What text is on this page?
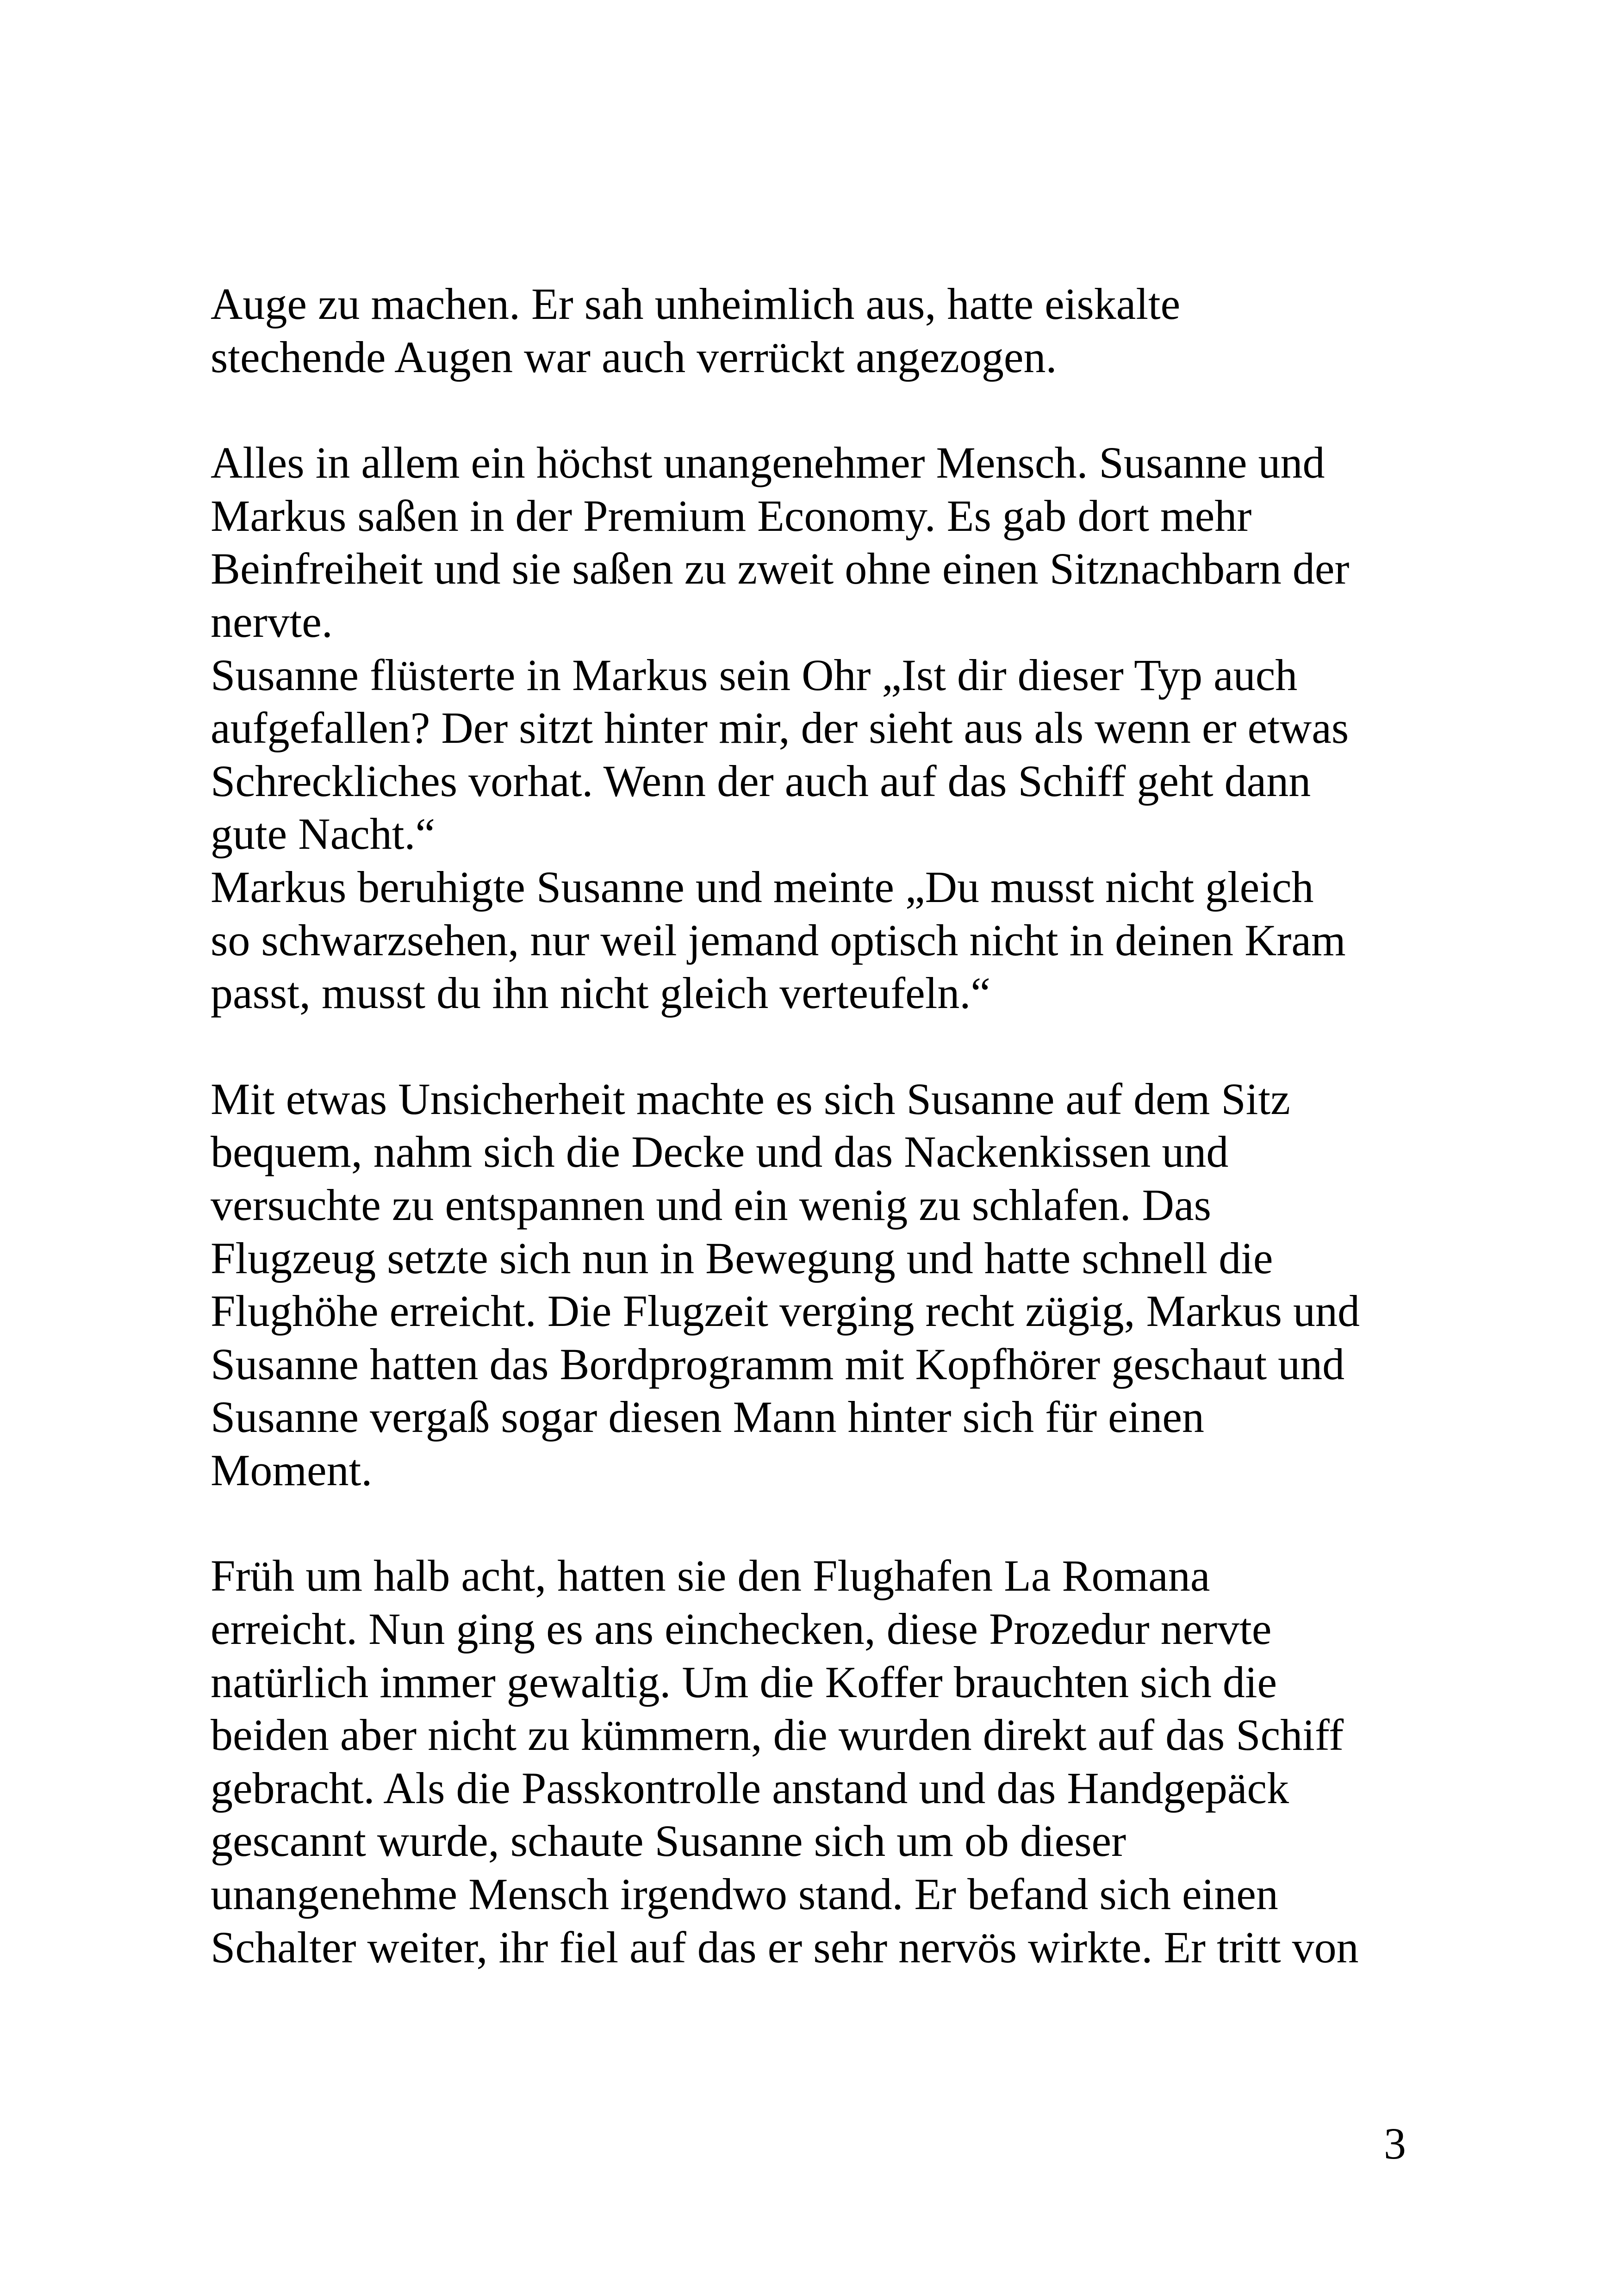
Auge zu machen. Er sah unheimlich aus, hatte eiskalte
stechende Augen war auch verrückt angezogen.

Alles in allem ein höchst unangenehmer Mensch. Susanne und
Markus saßen in der Premium Economy. Es gab dort mehr
Beinfreiheit und sie saßen zu zweit ohne einen Sitznachbarn der
nervte.

Susanne flüsterte in Markus sein Ohr „Ist dir dieser Typ auch
aufgefallen? Der sitzt hinter mir, der sieht aus als wenn er etwas
Schreckliches vorhat. Wenn der auch auf das Schiff geht dann
gute Nacht.“

Markus beruhigte Susanne und meinte „Du musst nicht gleich
so schwarzsehen, nur weil jemand optisch nicht in deinen Kram
passt, musst du ihn nicht gleich verteufeln.“

Mit etwas Unsicherheit machte es sich Susanne auf dem Sitz
bequem, nahm sich die Decke und das Nackenkissen und
versuchte zu entspannen und ein wenig zu schlafen. Das
Flugzeug setzte sich nun in Bewegung und hatte schnell die
Flughöhe erreicht. Die Flugzeit verging recht zügig, Markus und
Susanne hatten das Bordprogramm mit Kopfhörer geschaut und
Susanne vergaß sogar diesen Mann hinter sich für einen
Moment.

Früh um halb acht, hatten sie den Flughafen La Romana
erreicht. Nun ging es ans einchecken, diese Prozedur nervte
natürlich immer gewaltig. Um die Koffer brauchten sich die
beiden aber nicht zu kümmern, die wurden direkt auf das Schiff
gebracht. Als die Passkontrolle anstand und das Handgepäck
gescannt wurde, schaute Susanne sich um ob dieser
unangenehme Mensch irgendwo stand. Er befand sich einen
Schalter weiter, ihr fiel auf das er sehr nervös wirkte. Er tritt von

3
